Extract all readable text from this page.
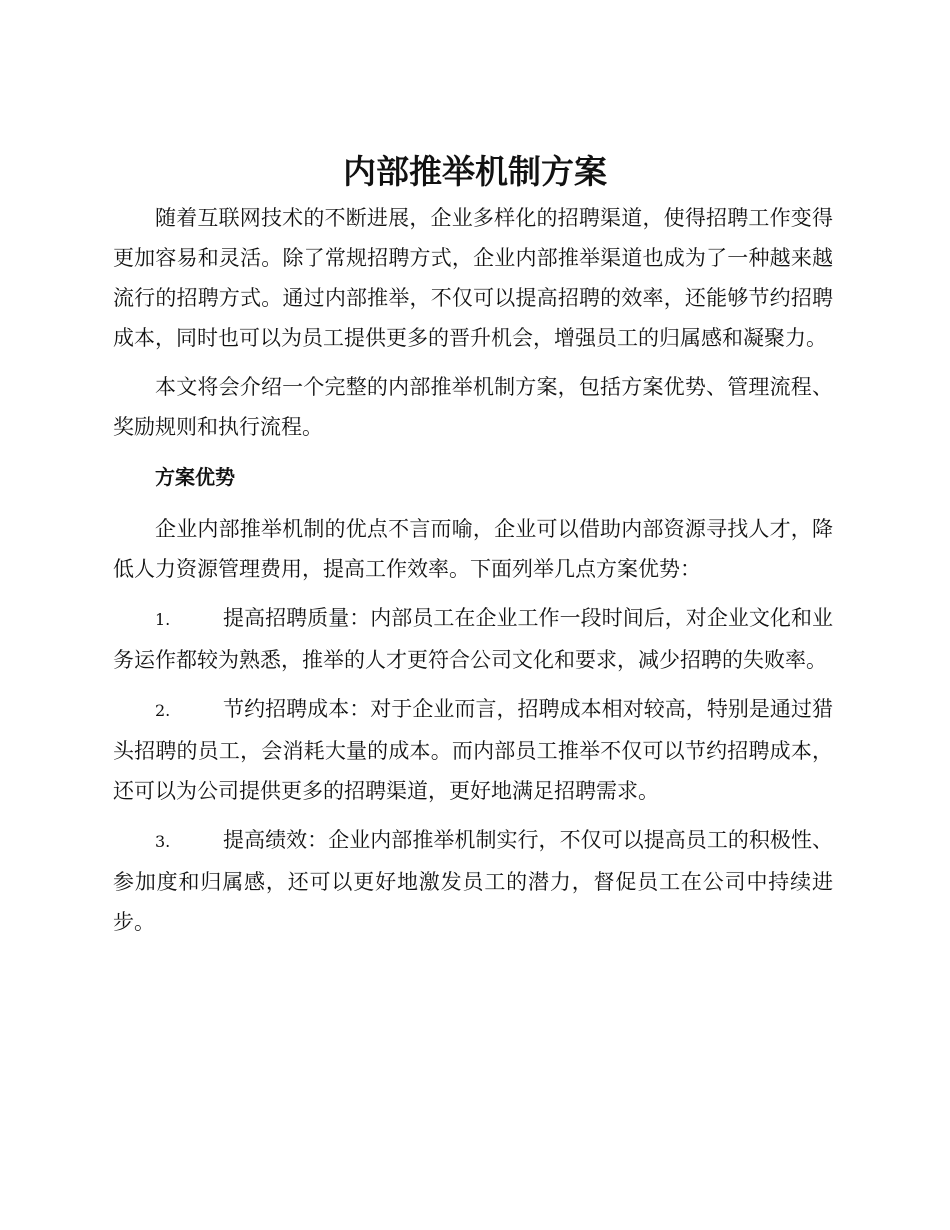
内部推举机制方案

随着互联网技术的不断进展，企业多样化的招聘渠道，使得招聘工作变得更加容易和灵活。除了常规招聘方式，企业内部推举渠道也成为了一种越来越流行的招聘方式。通过内部推举，不仅可以提高招聘的效率，还能够节约招聘成本，同时也可以为员工提供更多的晋升机会，增强员工的归属感和凝聚力。

本文将会介绍一个完整的内部推举机制方案，包括方案优势、管理流程、奖励规则和执行流程。

方案优势

企业内部推举机制的优点不言而喻，企业可以借助内部资源寻找人才，降低人力资源管理费用，提高工作效率。下面列举几点方案优势：

1.	提高招聘质量：内部员工在企业工作一段时间后，对企业文化和业务运作都较为熟悉，推举的人才更符合公司文化和要求，减少招聘的失败率。

2.	节约招聘成本：对于企业而言，招聘成本相对较高，特别是通过猎头招聘的员工，会消耗大量的成本。而内部员工推举不仅可以节约招聘成本，还可以为公司提供更多的招聘渠道，更好地满足招聘需求。

3.	提高绩效：企业内部推举机制实行，不仅可以提高员工的积极性、参加度和归属感，还可以更好地激发员工的潜力，督促员工在公司中持续进步。
